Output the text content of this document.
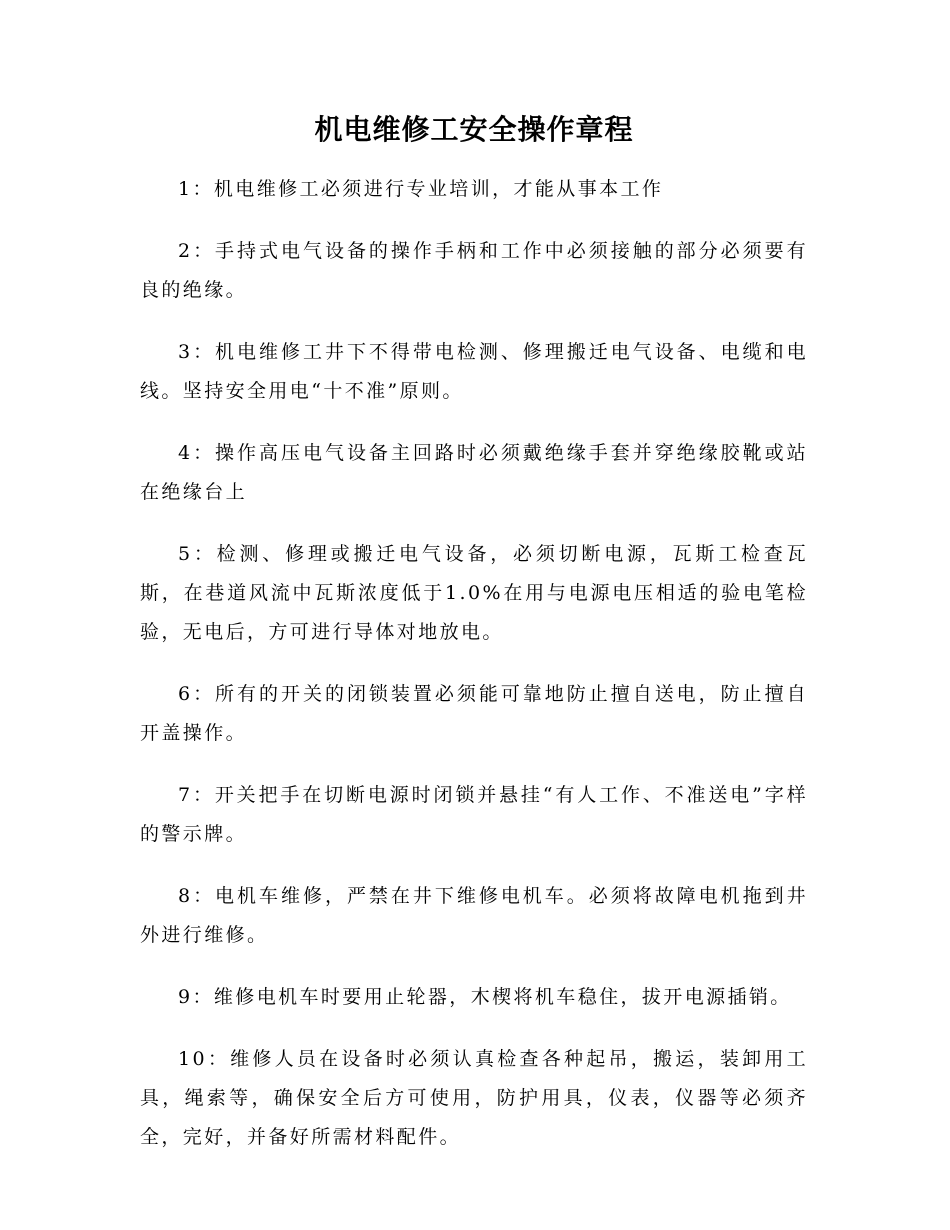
机电维修工安全操作章程

1：机电维修工必须进行专业培训，才能从事本工作

2：手持式电气设备的操作手柄和工作中必须接触的部分必须要有良的绝缘。

3：机电维修工井下不得带电检测、修理搬迁电气设备、电缆和电线。坚持安全用电“十不准”原则。

4：操作高压电气设备主回路时必须戴绝缘手套并穿绝缘胶靴或站在绝缘台上

5：检测、修理或搬迁电气设备，必须切断电源，瓦斯工检查瓦斯，在巷道风流中瓦斯浓度低于1.0%在用与电源电压相适的验电笔检验，无电后，方可进行导体对地放电。

6：所有的开关的闭锁装置必须能可靠地防止擅自送电，防止擅自开盖操作。

7：开关把手在切断电源时闭锁并悬挂“有人工作、不准送电”字样的警示牌。

8：电机车维修，严禁在井下维修电机车。必须将故障电机拖到井外进行维修。

9：维修电机车时要用止轮器，木楔将机车稳住，拔开电源插销。

10：维修人员在设备时必须认真检查各种起吊，搬运，装卸用工具，绳索等，确保安全后方可使用，防护用具，仪表，仪器等必须齐全，完好，并备好所需材料配件。
